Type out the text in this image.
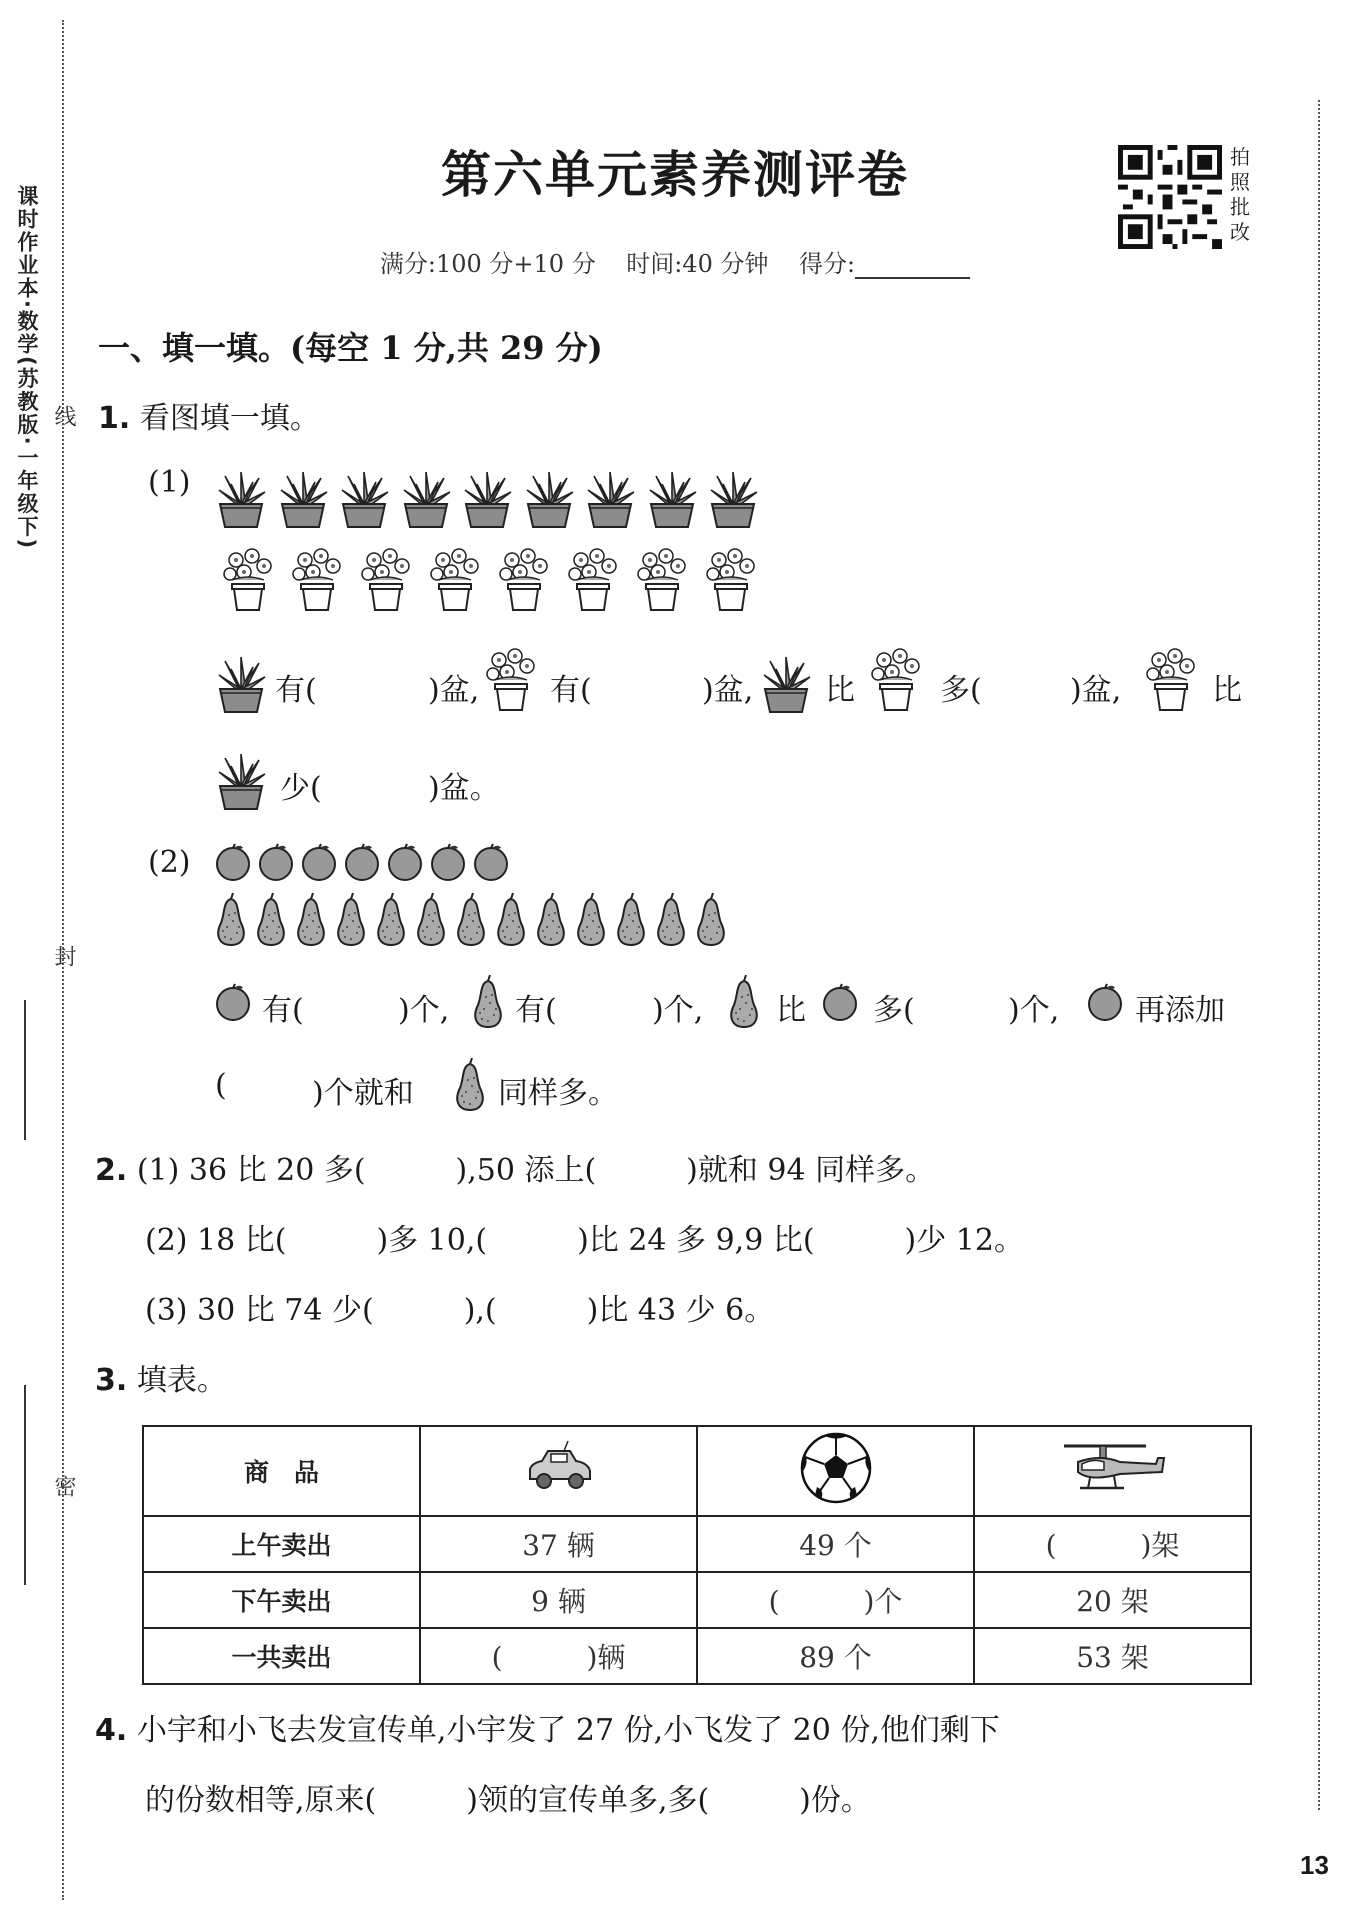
课时作业本·数学(苏教版·一年级下) 线
封
密
第六单元素养测评卷	拍照批改
满分:100 分+10 分 时间:40 分钟 得分:
一、填一填。(每空 1 分,共 29 分)
1. 看图填一填。
(1)
有(	)盆, 有(	)盆, 比	多(	)盆,	比
少(	)盆。
(2)
有(	)个, 有(	)个, 比 多(	)个,	再添加
(	)个就和	同样多。
2. (1) 36 比 20 多(　　　),50 添上(　　　)就和 94 同样多。
(2) 18 比(　　　)多 10,(　　　)比 24 多 9,9 比(　　　)少 12。
(3) 30 比 74 少(　　　),(　　　)比 43 少 6。
3. 填表。
商　品			
上午卖出	37 辆	49 个	(　　　)架
下午卖出	9 辆	(　　　)个	20 架
一共卖出	(　　　)辆	89 个	53 架
4. 小宇和小飞去发宣传单,小宇发了 27 份,小飞发了 20 份,他们剩下
的份数相等,原来(　　　)领的宣传单多,多(　　　)份。
13
